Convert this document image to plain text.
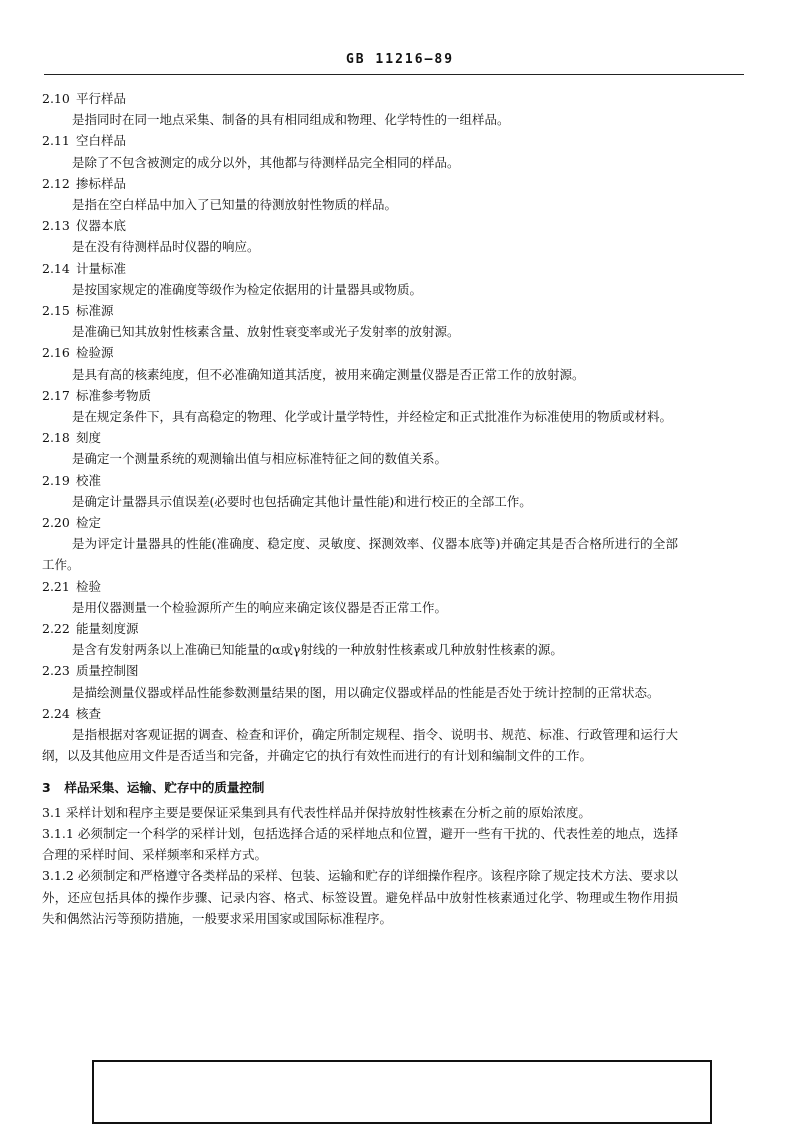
GB 11216—89
2.10 平行样品
是指同时在同一地点采集、制备的具有相同组成和物理、化学特性的一组样品。
2.11 空白样品
是除了不包含被测定的成分以外，其他都与待测样品完全相同的样品。
2.12 掺标样品
是指在空白样品中加入了已知量的待测放射性物质的样品。
2.13 仪器本底
是在没有待测样品时仪器的响应。
2.14 计量标准
是按国家规定的准确度等级作为检定依据用的计量器具或物质。
2.15 标准源
是准确已知其放射性核素含量、放射性衰变率或光子发射率的放射源。
2.16 检验源
是具有高的核素纯度，但不必准确知道其活度，被用来确定测量仪器是否正常工作的放射源。
2.17 标准参考物质
是在规定条件下，具有高稳定的物理、化学或计量学特性，并经检定和正式批准作为标准使用的物质或材料。
2.18 刻度
是确定一个测量系统的观测输出值与相应标准特征之间的数值关系。
2.19 校准
是确定计量器具示值误差(必要时也包括确定其他计量性能)和进行校正的全部工作。
2.20 检定
是为评定计量器具的性能(准确度、稳定度、灵敏度、探测效率、仪器本底等)并确定其是否合格所进行的全部工作。
2.21 检验
是用仪器测量一个检验源所产生的响应来确定该仪器是否正常工作。
2.22 能量刻度源
是含有发射两条以上准确已知能量的α或γ射线的一种放射性核素或几种放射性核素的源。
2.23 质量控制图
是描绘测量仪器或样品性能参数测量结果的图，用以确定仪器或样品的性能是否处于统计控制的正常状态。
2.24 核查
是指根据对客观证据的调查、检查和评价，确定所制定规程、指令、说明书、规范、标准、行政管理和运行大纲，以及其他应用文件是否适当和完备，并确定它的执行有效性而进行的有计划和编制文件的工作。
3 样品采集、运输、贮存中的质量控制

3.1 采样计划和程序主要是要保证采集到具有代表性样品并保持放射性核素在分析之前的原始浓度。

3.1.1 必须制定一个科学的采样计划，包括选择合适的采样地点和位置，避开一些有干扰的、代表性差的地点，选择合理的采样时间、采样频率和采样方式。

3.1.2 必须制定和严格遵守各类样品的采样、包装、运输和贮存的详细操作程序。该程序除了规定技术方法、要求以外，还应包括具体的操作步骤、记录内容、格式、标签设置。避免样品中放射性核素通过化学、物理或生物作用损失和偶然沾污等预防措施，一般要求采用国家或国际标准程序。
